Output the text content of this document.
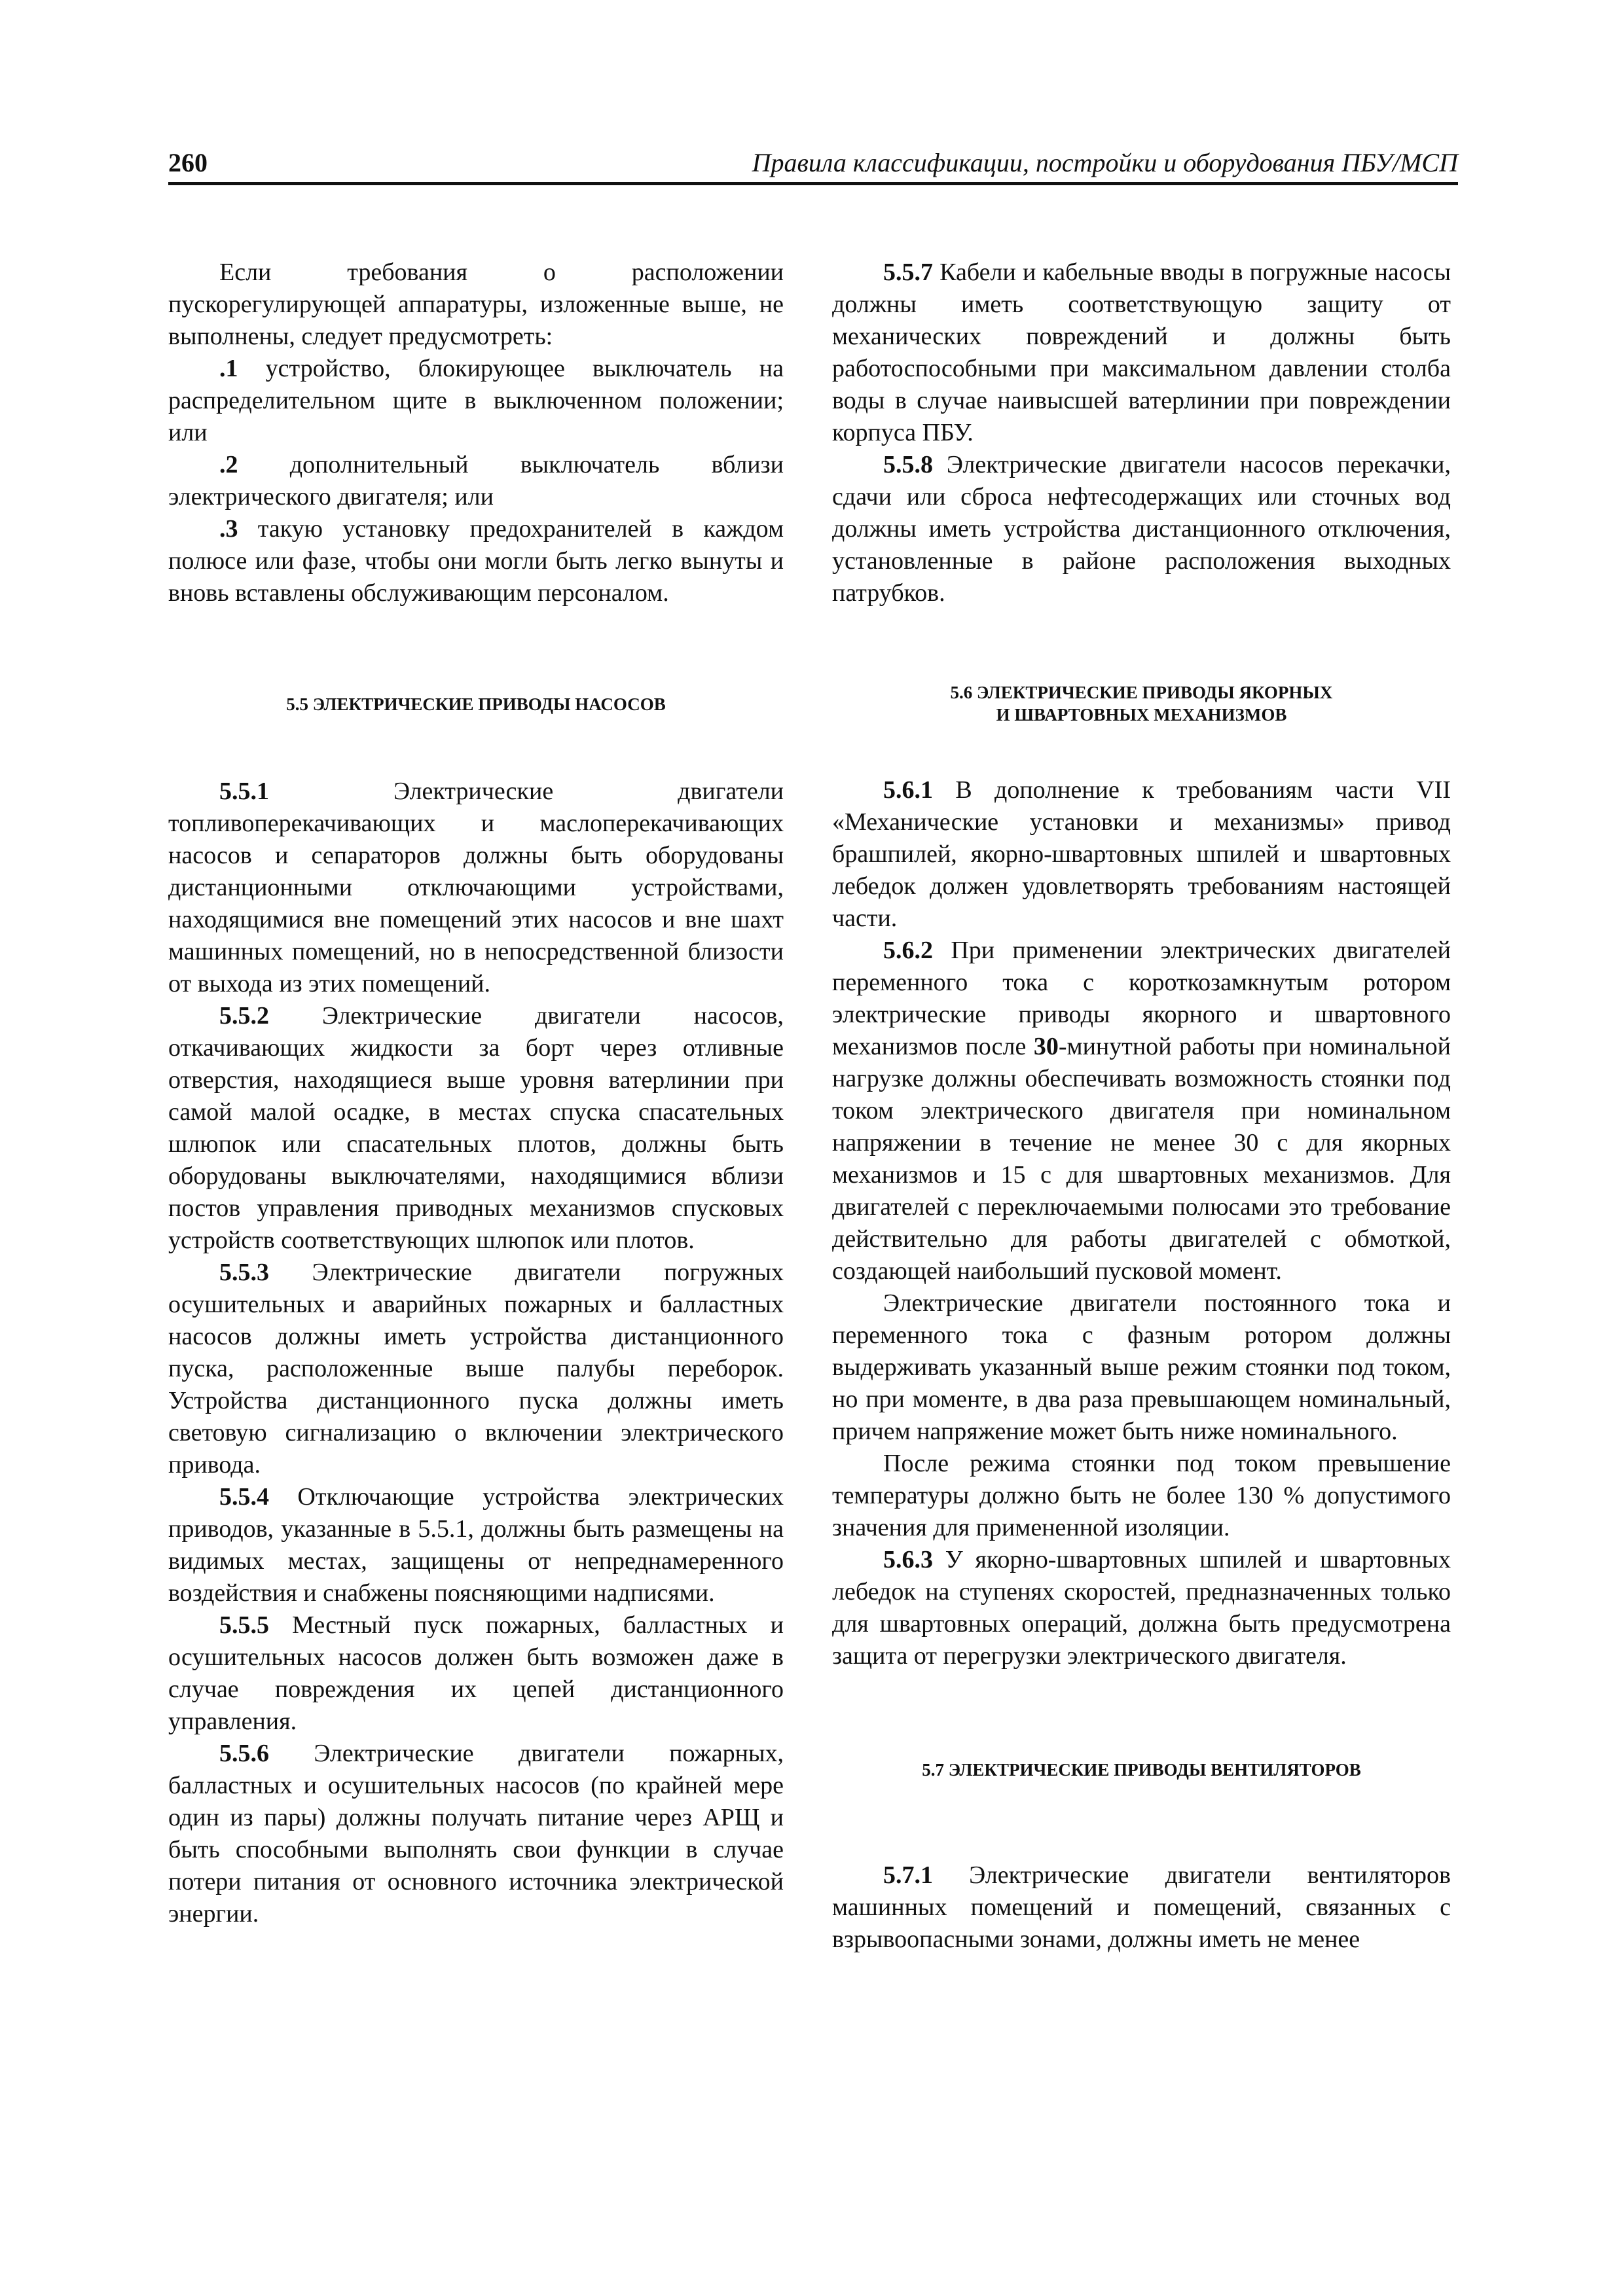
260	Правила классификации, постройки и оборудования ПБУ/МСП

Если требования о расположении пускорегулирующей аппаратуры, изложенные выше, не выполнены, следует предусмотреть:

.1 устройство, блокирующее выключатель на распределительном щите в выключенном положении; или

.2 дополнительный выключатель вблизи электрического двигателя; или

.3 такую установку предохранителей в каждом полюсе или фазе, чтобы они могли быть легко вынуты и вновь вставлены обслуживающим персоналом.

5.5 ЭЛЕКТРИЧЕСКИЕ ПРИВОДЫ НАСОСОВ

5.5.1 Электрические двигатели топливоперекачивающих и маслоперекачивающих насосов и сепараторов должны быть оборудованы дистанционными отключающими устройствами, находящимися вне помещений этих насосов и вне шахт машинных помещений, но в непосредственной близости от выхода из этих помещений.

5.5.2 Электрические двигатели насосов, откачивающих жидкости за борт через отливные отверстия, находящиеся выше уровня ватерлинии при самой малой осадке, в местах спуска спасательных шлюпок или спасательных плотов, должны быть оборудованы выключателями, находящимися вблизи постов управления приводных механизмов спусковых устройств соответствующих шлюпок или плотов.

5.5.3 Электрические двигатели погружных осушительных и аварийных пожарных и балластных насосов должны иметь устройства дистанционного пуска, расположенные выше палубы переборок. Устройства дистанционного пуска должны иметь световую сигнализацию о включении электрического привода.

5.5.4 Отключающие устройства электрических приводов, указанные в 5.5.1, должны быть размещены на видимых местах, защищены от непреднамеренного воздействия и снабжены поясняющими надписями.

5.5.5 Местный пуск пожарных, балластных и осушительных насосов должен быть возможен даже в случае повреждения их цепей дистанционного управления.

5.5.6 Электрические двигатели пожарных, балластных и осушительных насосов (по крайней мере один из пары) должны получать питание через АРЩ и быть способными выполнять свои функции в случае потери питания от основного источника электрической энергии.

5.5.7 Кабели и кабельные вводы в погружные насосы должны иметь соответствующую защиту от механических повреждений и должны быть работоспособными при максимальном давлении столба воды в случае наивысшей ватерлинии при повреждении корпуса ПБУ.

5.5.8 Электрические двигатели насосов перекачки, сдачи или сброса нефтесодержащих или сточных вод должны иметь устройства дистанционного отключения, установленные в районе расположения выходных патрубков.

5.6 ЭЛЕКТРИЧЕСКИЕ ПРИВОДЫ ЯКОРНЫХ
И ШВАРТОВНЫХ МЕХАНИЗМОВ

5.6.1 В дополнение к требованиям части VII «Механические установки и механизмы» привод брашпилей, якорно-швартовных шпилей и швартовных лебедок должен удовлетворять требованиям настоящей части.

5.6.2 При применении электрических двигателей переменного тока с короткозамкнутым ротором электрические приводы якорного и швартовного механизмов после 30-минутной работы при номинальной нагрузке должны обеспечивать возможность стоянки под током электрического двигателя при номинальном напряжении в течение не менее 30 с для якорных механизмов и 15 с для швартовных механизмов. Для двигателей с переключаемыми полюсами это требование действительно для работы двигателей с обмоткой, создающей наибольший пусковой момент.

Электрические двигатели постоянного тока и переменного тока с фазным ротором должны выдерживать указанный выше режим стоянки под током, но при моменте, в два раза превышающем номинальный, причем напряжение может быть ниже номинального.

После режима стоянки под током превышение температуры должно быть не более 130 % допустимого значения для примененной изоляции.

5.6.3 У якорно-швартовных шпилей и швартовных лебедок на ступенях скоростей, предназначенных только для швартовных операций, должна быть предусмотрена защита от перегрузки электрического двигателя.

5.7 ЭЛЕКТРИЧЕСКИЕ ПРИВОДЫ ВЕНТИЛЯТОРОВ

5.7.1 Электрические двигатели вентиляторов машинных помещений и помещений, связанных с взрывоопасными зонами, должны иметь не менее
